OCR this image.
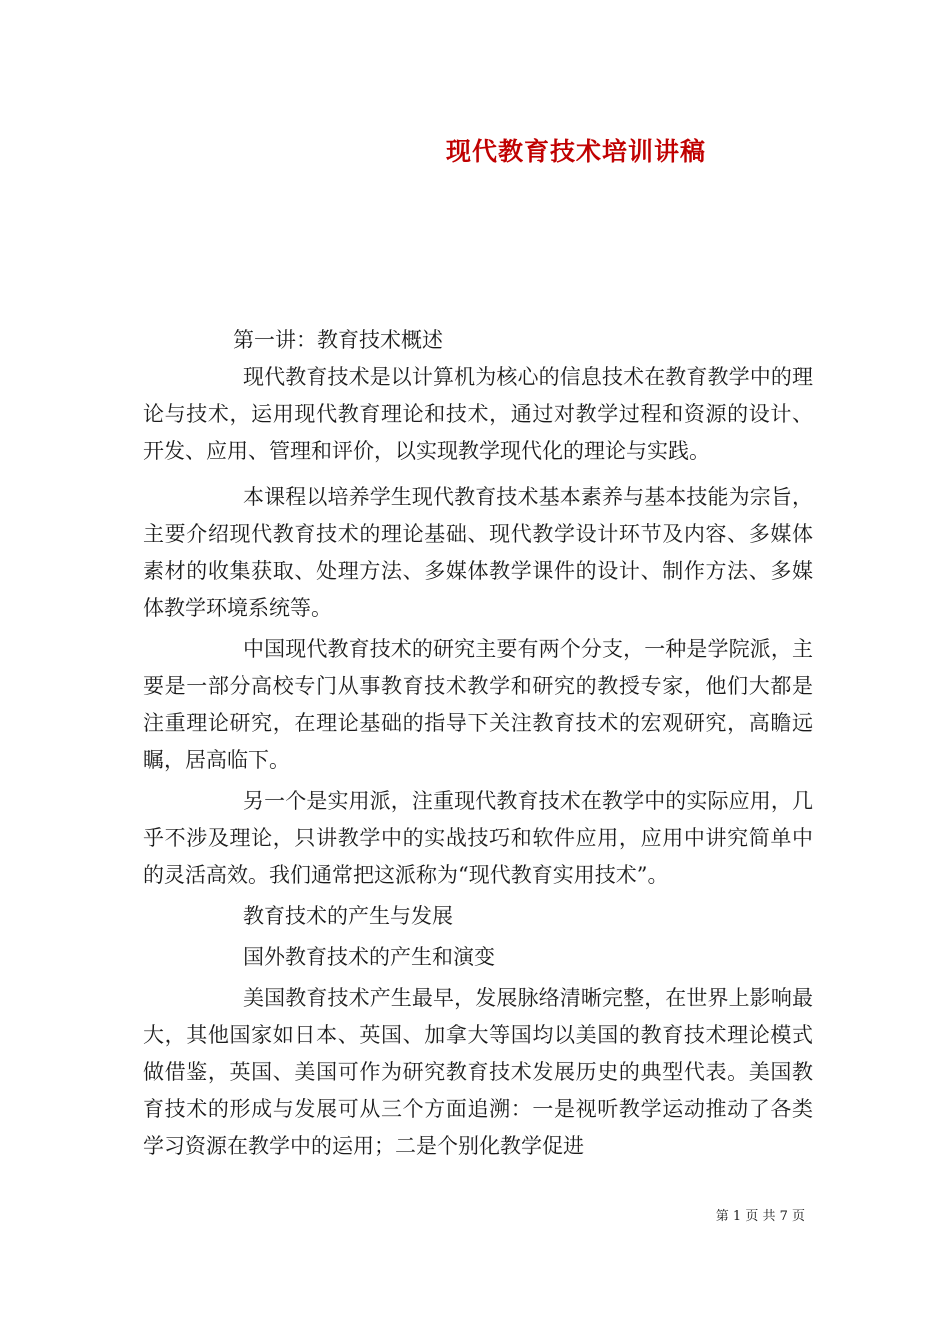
现代教育技术培训讲稿

第一讲：教育技术概述

现代教育技术是以计算机为核心的信息技术在教育教学中的理论与技术，运用现代教育理论和技术，通过对教学过程和资源的设计、开发、应用、管理和评价，以实现教学现代化的理论与实践。

本课程以培养学生现代教育技术基本素养与基本技能为宗旨，主要介绍现代教育技术的理论基础、现代教学设计环节及内容、多媒体素材的收集获取、处理方法、多媒体教学课件的设计、制作方法、多媒体教学环境系统等。

中国现代教育技术的研究主要有两个分支，一种是学院派，主要是一部分高校专门从事教育技术教学和研究的教授专家，他们大都是注重理论研究，在理论基础的指导下关注教育技术的宏观研究，高瞻远瞩，居高临下。

另一个是实用派，注重现代教育技术在教学中的实际应用，几乎不涉及理论，只讲教学中的实战技巧和软件应用，应用中讲究简单中的灵活高效。我们通常把这派称为“现代教育实用技术”。

教育技术的产生与发展

国外教育技术的产生和演变

美国教育技术产生最早，发展脉络清晰完整，在世界上影响最大，其他国家如日本、英国、加拿大等国均以美国的教育技术理论模式做借鉴，英国、美国可作为研究教育技术发展历史的典型代表。美国教育技术的形成与发展可从三个方面追溯：一是视听教学运动推动了各类学习资源在教学中的运用；二是个别化教学促进

第 1 页 共 7 页
